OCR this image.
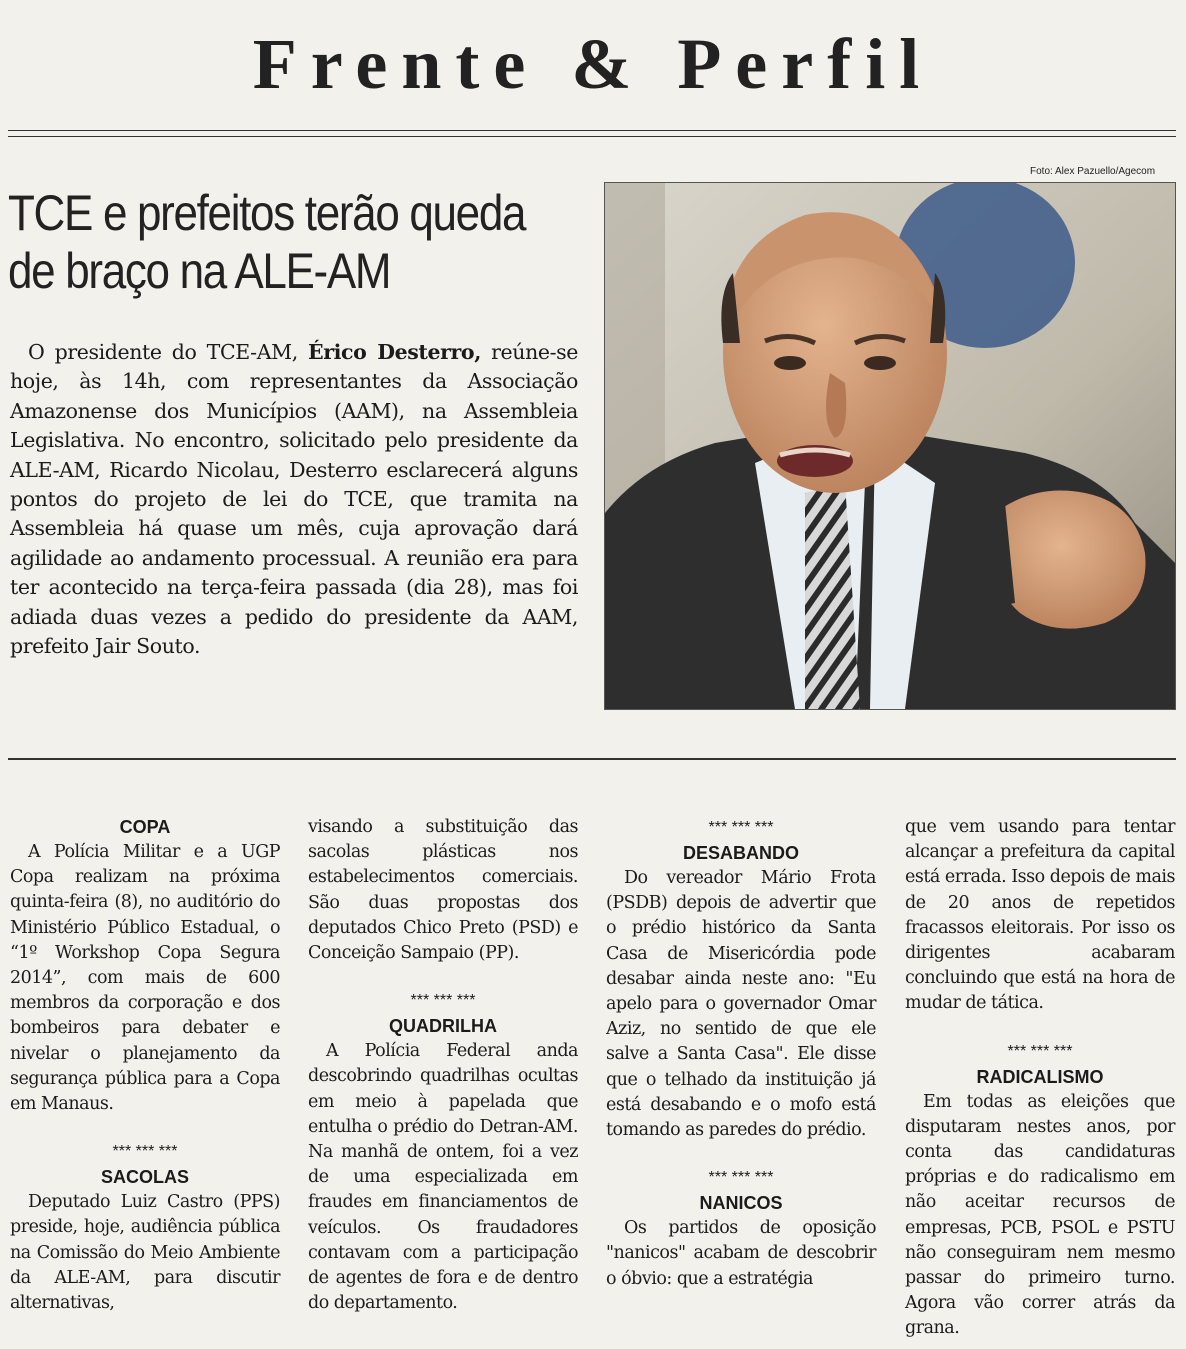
Frente & Perfil
TCE e prefeitos terão queda
de braço na ALE-AM
Foto: Alex Pazuello/Agecom
O presidente do TCE-AM, Érico Desterro, reúne-se hoje, às 14h, com representantes da Associação Amazonense dos Municípios (AAM), na Assembleia Legislativa. No encontro, solicitado pelo presidente da ALE-AM, Ricardo Nicolau, Desterro esclarecerá alguns pontos do projeto de lei do TCE, que tramita na Assembleia há quase um mês, cuja aprovação dará agilidade ao andamento processual. A reunião era para ter acontecido na terça-feira passada (dia 28), mas foi adiada duas vezes a pedido do presidente da AAM, prefeito Jair Souto.

COPA

A Polícia Militar e a UGP Copa realizam na próxima quinta-feira (8), no auditório do Ministério Público Estadual, o “1º Workshop Copa Segura 2014”, com mais de 600 membros da corporação e dos bombeiros para debater e nivelar o planejamento da segurança pública para a Copa em Manaus.

*** *** ***

SACOLAS

Deputado Luiz Castro (PPS) preside, hoje, audiência pública na Comissão do Meio Ambiente da ALE-AM, para discutir alternativas,

visando a substituição das sacolas plásticas nos estabelecimentos comerciais. São duas propostas dos deputados Chico Preto (PSD) e Conceição Sampaio (PP).

*** *** ***

QUADRILHA

A Polícia Federal anda descobrindo quadrilhas ocultas em meio à papelada que entulha o prédio do Detran-AM. Na manhã de ontem, foi a vez de uma especializada em fraudes em financiamentos de veículos. Os fraudadores contavam com a participação de agentes de fora e de dentro do departamento.

*** *** ***

DESABANDO

Do vereador Mário Frota (PSDB) depois de advertir que o prédio histórico da Santa Casa de Misericórdia pode desabar ainda neste ano: "Eu apelo para o governador Omar Aziz, no sentido de que ele salve a Santa Casa". Ele disse que o telhado da instituição já está desabando e o mofo está tomando as paredes do prédio.

*** *** ***

NANICOS

Os partidos de oposição "nanicos" acabam de descobrir o óbvio: que a estratégia

que vem usando para tentar alcançar a prefeitura da capital está errada. Isso depois de mais de 20 anos de repetidos fracassos eleitorais. Por isso os dirigentes acabaram concluindo que está na hora de mudar de tática.

*** *** ***

RADICALISMO

Em todas as eleições que disputaram nestes anos, por conta das candidaturas próprias e do radicalismo em não aceitar recursos de empresas, PCB, PSOL e PSTU não conseguiram nem mesmo passar do primeiro turno. Agora vão correr atrás da grana.
